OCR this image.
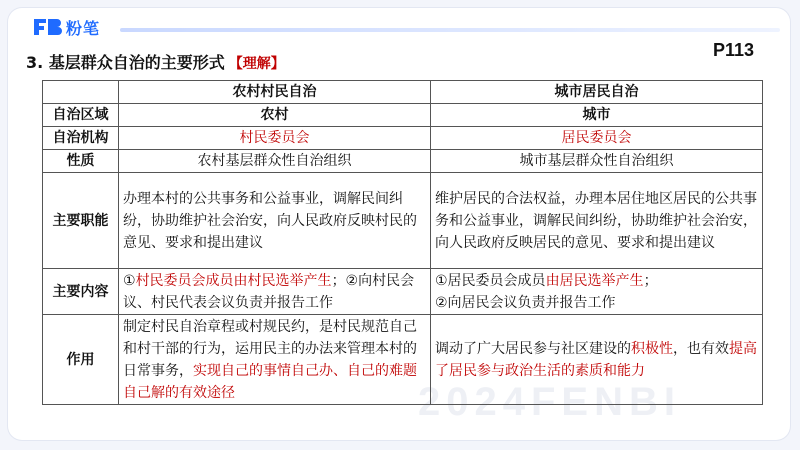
粉笔
3. 基层群众自治的主要形式 【理解】
P113
2024FENBI
	农村村民自治	城市居民自治
自治区域	农村	城市
自治机构	村民委员会	居民委员会
性质	农村基层群众性自治组织	城市基层群众性自治组织
主要职能	办理本村的公共事务和公益事业，调解民间纠纷，协助维护社会治安，向人民政府反映村民的意见、要求和提出建议	维护居民的合法权益，办理本居住地区居民的公共事务和公益事业，调解民间纠纷，协助维护社会治安，向人民政府反映居民的意见、要求和提出建议
主要内容	①村民委员会成员由村民选举产生；②向村民会议、村民代表会议负责并报告工作	①居民委员会成员由居民选举产生；
②向居民会议负责并报告工作
作用	制定村民自治章程或村规民约，是村民规范自己和村干部的行为，运用民主的办法来管理本村的日常事务，实现自己的事情自己办、自己的难题自己解的有效途径	调动了广大居民参与社区建设的积极性，也有效提高了居民参与政治生活的素质和能力
